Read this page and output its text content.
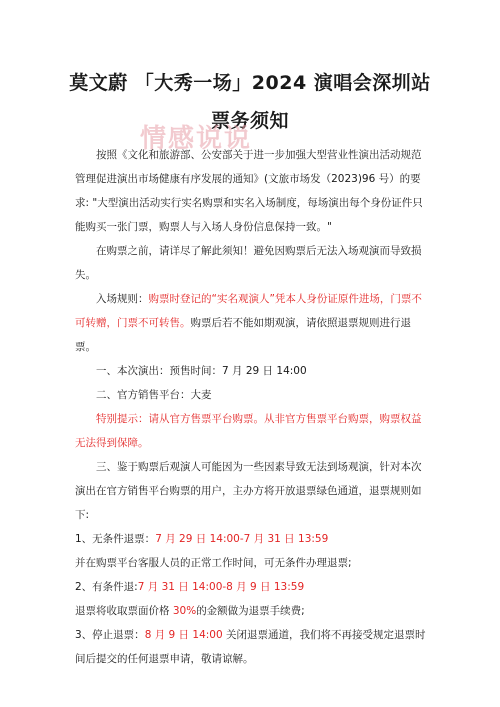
莫文蔚 「大秀一场」2024 演唱会深圳站
票务须知
情感说说

按照《文化和旅游部、公安部关于进一步加强大型营业性演出活动规范管理促进演出市场健康有序发展的通知》(文旅市场发（2023)96 号）的要求: "大型演出活动实行实名购票和实名入场制度，每场演出每个身份证件只能购买一张门票，购票人与入场人身份信息保持一致。"

在购票之前，请详尽了解此须知！避免因购票后无法入场观演而导致损失。

入场规则：购票时登记的“实名观演人”凭本人身份证原件进场，门票不可转赠，门票不可转售。购票后若不能如期观演，请依照退票规则进行退票。

一、本次演出：预售时间：7 月 29 日 14:00

二、官方销售平台：大麦

特别提示：请从官方售票平台购票。从非官方售票平台购票，购票权益无法得到保障。

三、鉴于购票后观演人可能因为一些因素导致无法到场观演，针对本次演出在官方销售平台购票的用户，主办方将开放退票绿色通道，退票规则如下:

1、无条件退票：7 月 29 日 14:00-7 月 31 日 13:59

并在购票平台客服人员的正常工作时间，可无条件办理退票;

2、有条件退:7 月 31 日 14:00-8 月 9 日 13:59

退票将收取票面价格 30%的金额做为退票手续费;

3、停止退票：8 月 9 日 14:00 关闭退票通道，我们将不再接受规定退票时间后提交的任何退票申请，敬请谅解。
